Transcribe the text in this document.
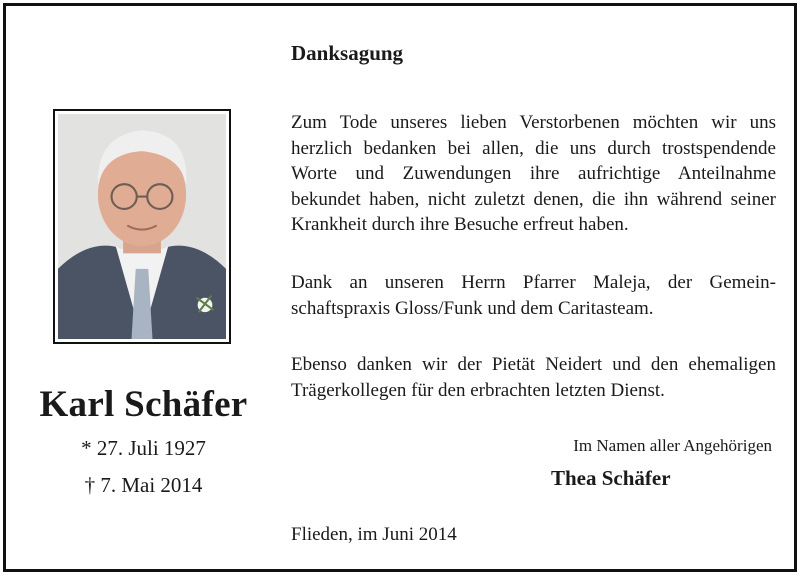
Karl Schäfer
* 27. Juli 1927
† 7. Mai 2014
Danksagung

Zum Tode unseres lieben Verstorbenen möchten wir uns herzlich bedanken bei allen, die uns durch trostspendende Worte und Zuwendungen ihre aufrichtige Anteilnahme bekundet haben, nicht zuletzt denen, die ihn während seiner Krankheit durch ihre Besuche erfreut haben.

Dank an unseren Herrn Pfarrer Maleja, der Gemeinschaftspraxis Gloss/Funk und dem Caritasteam.

Ebenso danken wir der Pietät Neidert und den ehemaligen Trägerkollegen für den erbrachten letzten Dienst.

Im Namen aller Angehörigen
Thea Schäfer
Flieden, im Juni 2014
